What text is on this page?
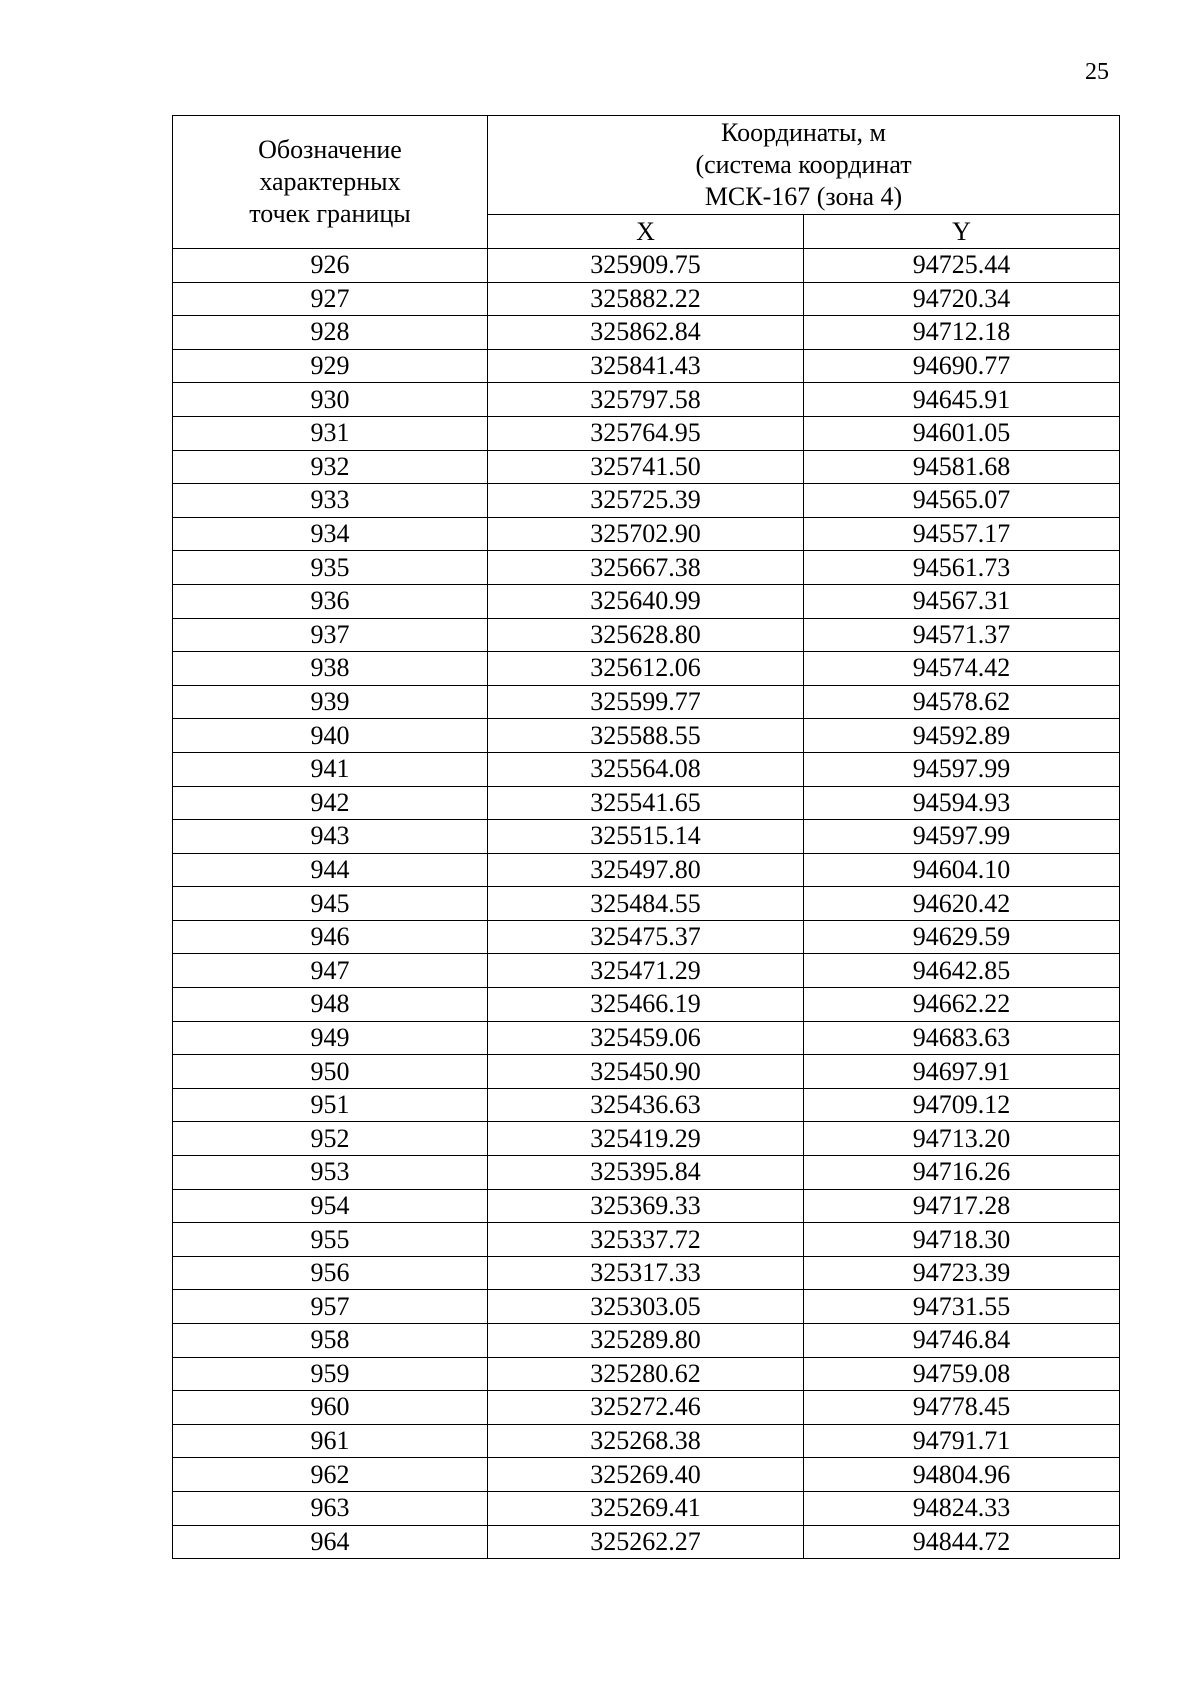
25
Обозначение
характерных
точек границы	Координаты, м
(система координат
МСК-167 (зона 4)	

	X	Y
926	325909.75	94725.44
927	325882.22	94720.34
928	325862.84	94712.18
929	325841.43	94690.77
930	325797.58	94645.91
931	325764.95	94601.05
932	325741.50	94581.68
933	325725.39	94565.07
934	325702.90	94557.17
935	325667.38	94561.73
936	325640.99	94567.31
937	325628.80	94571.37
938	325612.06	94574.42
939	325599.77	94578.62
940	325588.55	94592.89
941	325564.08	94597.99
942	325541.65	94594.93
943	325515.14	94597.99
944	325497.80	94604.10
945	325484.55	94620.42
946	325475.37	94629.59
947	325471.29	94642.85
948	325466.19	94662.22
949	325459.06	94683.63
950	325450.90	94697.91
951	325436.63	94709.12
952	325419.29	94713.20
953	325395.84	94716.26
954	325369.33	94717.28
955	325337.72	94718.30
956	325317.33	94723.39
957	325303.05	94731.55
958	325289.80	94746.84
959	325280.62	94759.08
960	325272.46	94778.45
961	325268.38	94791.71
962	325269.40	94804.96
963	325269.41	94824.33
964	325262.27	94844.72
